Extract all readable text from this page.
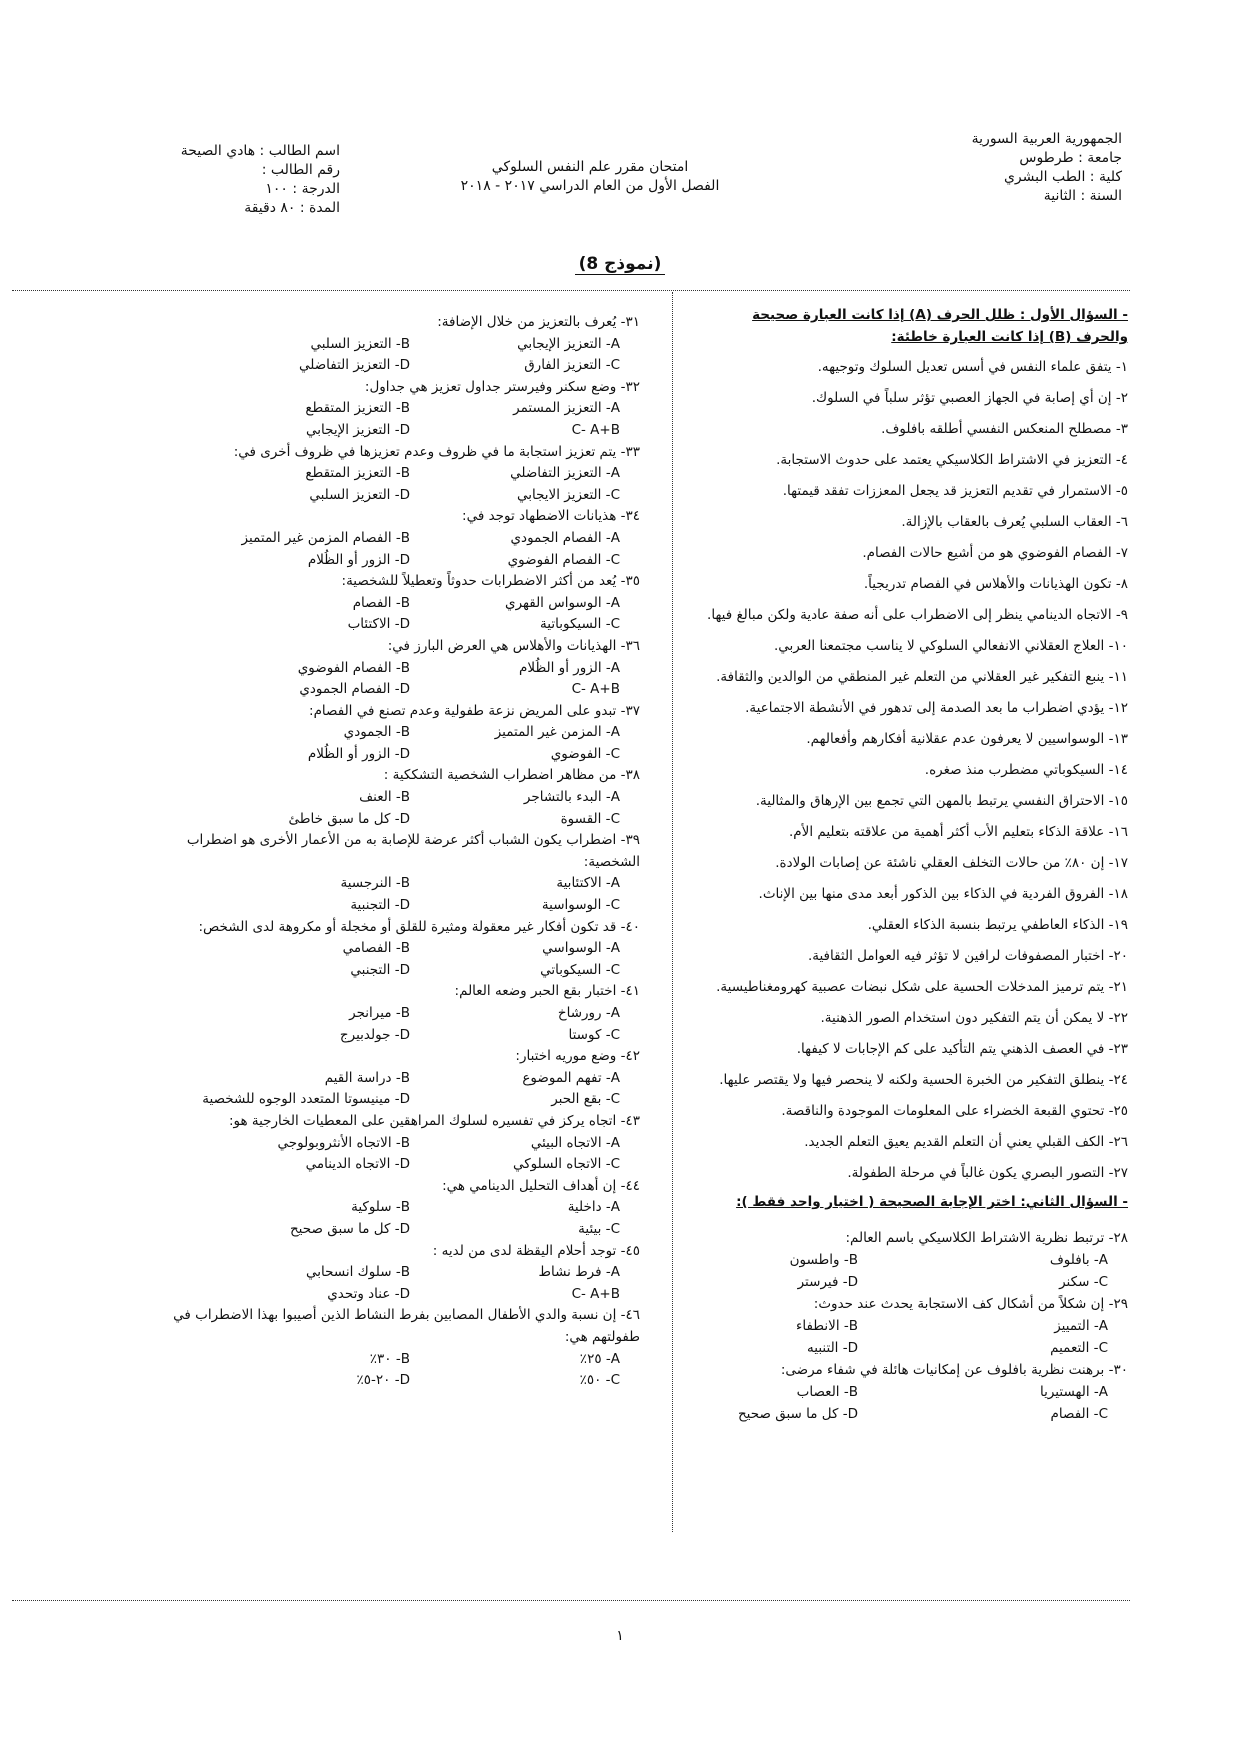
الجمهورية العربية السورية
جامعة : طرطوس
كلية : الطب البشري
السنة : الثانية
امتحان مقرر علم النفس السلوكي
الفصل الأول من العام الدراسي ٢٠١٧ - ٢٠١٨
اسم الطالب : هادي الصيحة
رقم الطالب :
الدرجة : ١٠٠
المدة : ٨٠ دقيقة
(نموذج 8)
- السؤال الأول : ظلل الحرف (A) إذا كانت العبارة صحيحة
والحرف (B) إذا كانت العبارة خاطئة:
١- يتفق علماء النفس في أسس تعديل السلوك وتوجيهه.
٢- إن أي إصابة في الجهاز العصبي تؤثر سلباً في السلوك.
٣- مصطلح المنعكس النفسي أطلقه بافلوف.
٤- التعزيز في الاشتراط الكلاسيكي يعتمد على حدوث الاستجابة.
٥- الاستمرار في تقديم التعزيز قد يجعل المعززات تفقد قيمتها.
٦- العقاب السلبي يُعرف بالعقاب بالإزالة.
٧- الفصام الفوضوي هو من أشيع حالات الفصام.
٨- تكون الهذيانات والأهلاس في الفصام تدريجياً.
٩- الاتجاه الدينامي ينظر إلى الاضطراب على أنه صفة عادية ولكن مبالغ فيها.
١٠- العلاج العقلاني الانفعالي السلوكي لا يناسب مجتمعنا العربي.
١١- ينبع التفكير غير العقلاني من التعلم غير المنطقي من الوالدين والثقافة.
١٢- يؤدي اضطراب ما بعد الصدمة إلى تدهور في الأنشطة الاجتماعية.
١٣- الوسواسيين لا يعرفون عدم عقلانية أفكارهم وأفعالهم.
١٤- السيكوباتي مضطرب منذ صغره.
١٥- الاحتراق النفسي يرتبط بالمهن التي تجمع بين الإرهاق والمثالية.
١٦- علاقة الذكاء بتعليم الأب أكثر أهمية من علاقته بتعليم الأم.
١٧- إن ٨٠٪ من حالات التخلف العقلي ناشئة عن إصابات الولادة.
١٨- الفروق الفردية في الذكاء بين الذكور أبعد مدى منها بين الإناث.
١٩- الذكاء العاطفي يرتبط بنسبة الذكاء العقلي.
٢٠- اختبار المصفوفات لرافين لا تؤثر فيه العوامل الثقافية.
٢١- يتم ترميز المدخلات الحسية على شكل نبضات عصبية كهرومغناطيسية.
٢٢- لا يمكن أن يتم التفكير دون استخدام الصور الذهنية.
٢٣- في العصف الذهني يتم التأكيد على كم الإجابات لا كيفها.
٢٤- ينطلق التفكير من الخبرة الحسية ولكنه لا ينحصر فيها ولا يقتصر عليها.
٢٥- تحتوي القبعة الخضراء على المعلومات الموجودة والناقصة.
٢٦- الكف القبلي يعني أن التعلم القديم يعيق التعلم الجديد.
٢٧- التصور البصري يكون غالباً في مرحلة الطفولة.
- السؤال الثاني: اختر الإجابة الصحيحة ( اختيار واحد فقط ):
٢٨- ترتبط نظرية الاشتراط الكلاسيكي باسم العالم:
A- بافلوف
B- واطسون
C- سكنر
D- فيرستر
٢٩- إن شكلاً من أشكال كف الاستجابة يحدث عند حدوث:
A- التمييز
B- الانطفاء
C- التعميم
D- التنبيه
٣٠- برهنت نظرية بافلوف عن إمكانيات هائلة في شفاء مرضى:
A- الهستيريا
B- العصاب
C- الفصام
D- كل ما سبق صحيح
٣١- يُعرف بالتعزيز من خلال الإضافة:
A- التعزيز الإيجابي
B- التعزيز السلبي
C- التعزيز الفارق
D- التعزيز التفاضلي
٣٢- وضع سكنر وفيرستر جداول تعزيز هي جداول:
A- التعزيز المستمر
B- التعزيز المتقطع
C- A+B
D- التعزيز الإيجابي
٣٣- يتم تعزيز استجابة ما في ظروف وعدم تعزيزها في ظروف أخرى في:
A- التعزيز التفاضلي
B- التعزيز المتقطع
C- التعزيز الايجابي
D- التعزيز السلبي
٣٤- هذيانات الاضطهاد توجد في:
A- الفصام الجمودي
B- الفصام المزمن غير المتميز
C- الفصام الفوضوي
D- الزور أو الظُلام
٣٥- يُعد من أكثر الاضطرابات حدوثاً وتعطيلاً للشخصية:
A- الوسواس القهري
B- الفصام
C- السيكوباتية
D- الاكتئاب
٣٦- الهذيانات والأهلاس هي العرض البارز في:
A- الزور أو الظُلام
B- الفصام الفوضوي
C- A+B
D- الفصام الجمودي
٣٧- تبدو على المريض نزعة طفولية وعدم تصنع في الفصام:
A- المزمن غير المتميز
B- الجمودي
C- الفوضوي
D- الزور أو الظُلام
٣٨- من مظاهر اضطراب الشخصية التشككية :
A- البدء بالتشاجر
B- العنف
C- القسوة
D- كل ما سبق خاطئ
٣٩- اضطراب يكون الشباب أكثر عرضة للإصابة به من الأعمار الأخرى هو اضطراب الشخصية:
A- الاكتئابية
B- النرجسية
C- الوسواسية
D- التجنبية
٤٠- قد تكون أفكار غير معقولة ومثيرة للقلق أو مخجلة أو مكروهة لدى الشخص:
A- الوسواسي
B- الفصامي
C- السيكوباتي
D- التجنبي
٤١- اختبار بقع الحبر وضعه العالم:
A- رورشاخ
B- ميرانجر
C- كوستا
D- جولدبيرج
٤٢- وضع موريه اختبار:
A- تفهم الموضوع
B- دراسة القيم
C- بقع الحبر
D- مينيسوتا المتعدد الوجوه للشخصية
٤٣- اتجاه يركز في تفسيره لسلوك المراهقين على المعطيات الخارجية هو:
A- الاتجاه البيئي
B- الاتجاه الأنثروبولوجي
C- الاتجاه السلوكي
D- الاتجاه الدينامي
٤٤- إن أهداف التحليل الدينامي هي:
A- داخلية
B- سلوكية
C- بيئية
D- كل ما سبق صحيح
٤٥- توجد أحلام اليقظة لدى من لديه :
A- فرط نشاط
B- سلوك انسحابي
C- A+B
D- عناد وتحدي
٤٦- إن نسبة والدي الأطفال المصابين بفرط النشاط الذين أصيبوا بهذا الاضطراب في طفولتهم هي:
A- ٢٥٪
B- ٣٠٪
C- ٥٠٪
D- ٢٠-٥٪
١
